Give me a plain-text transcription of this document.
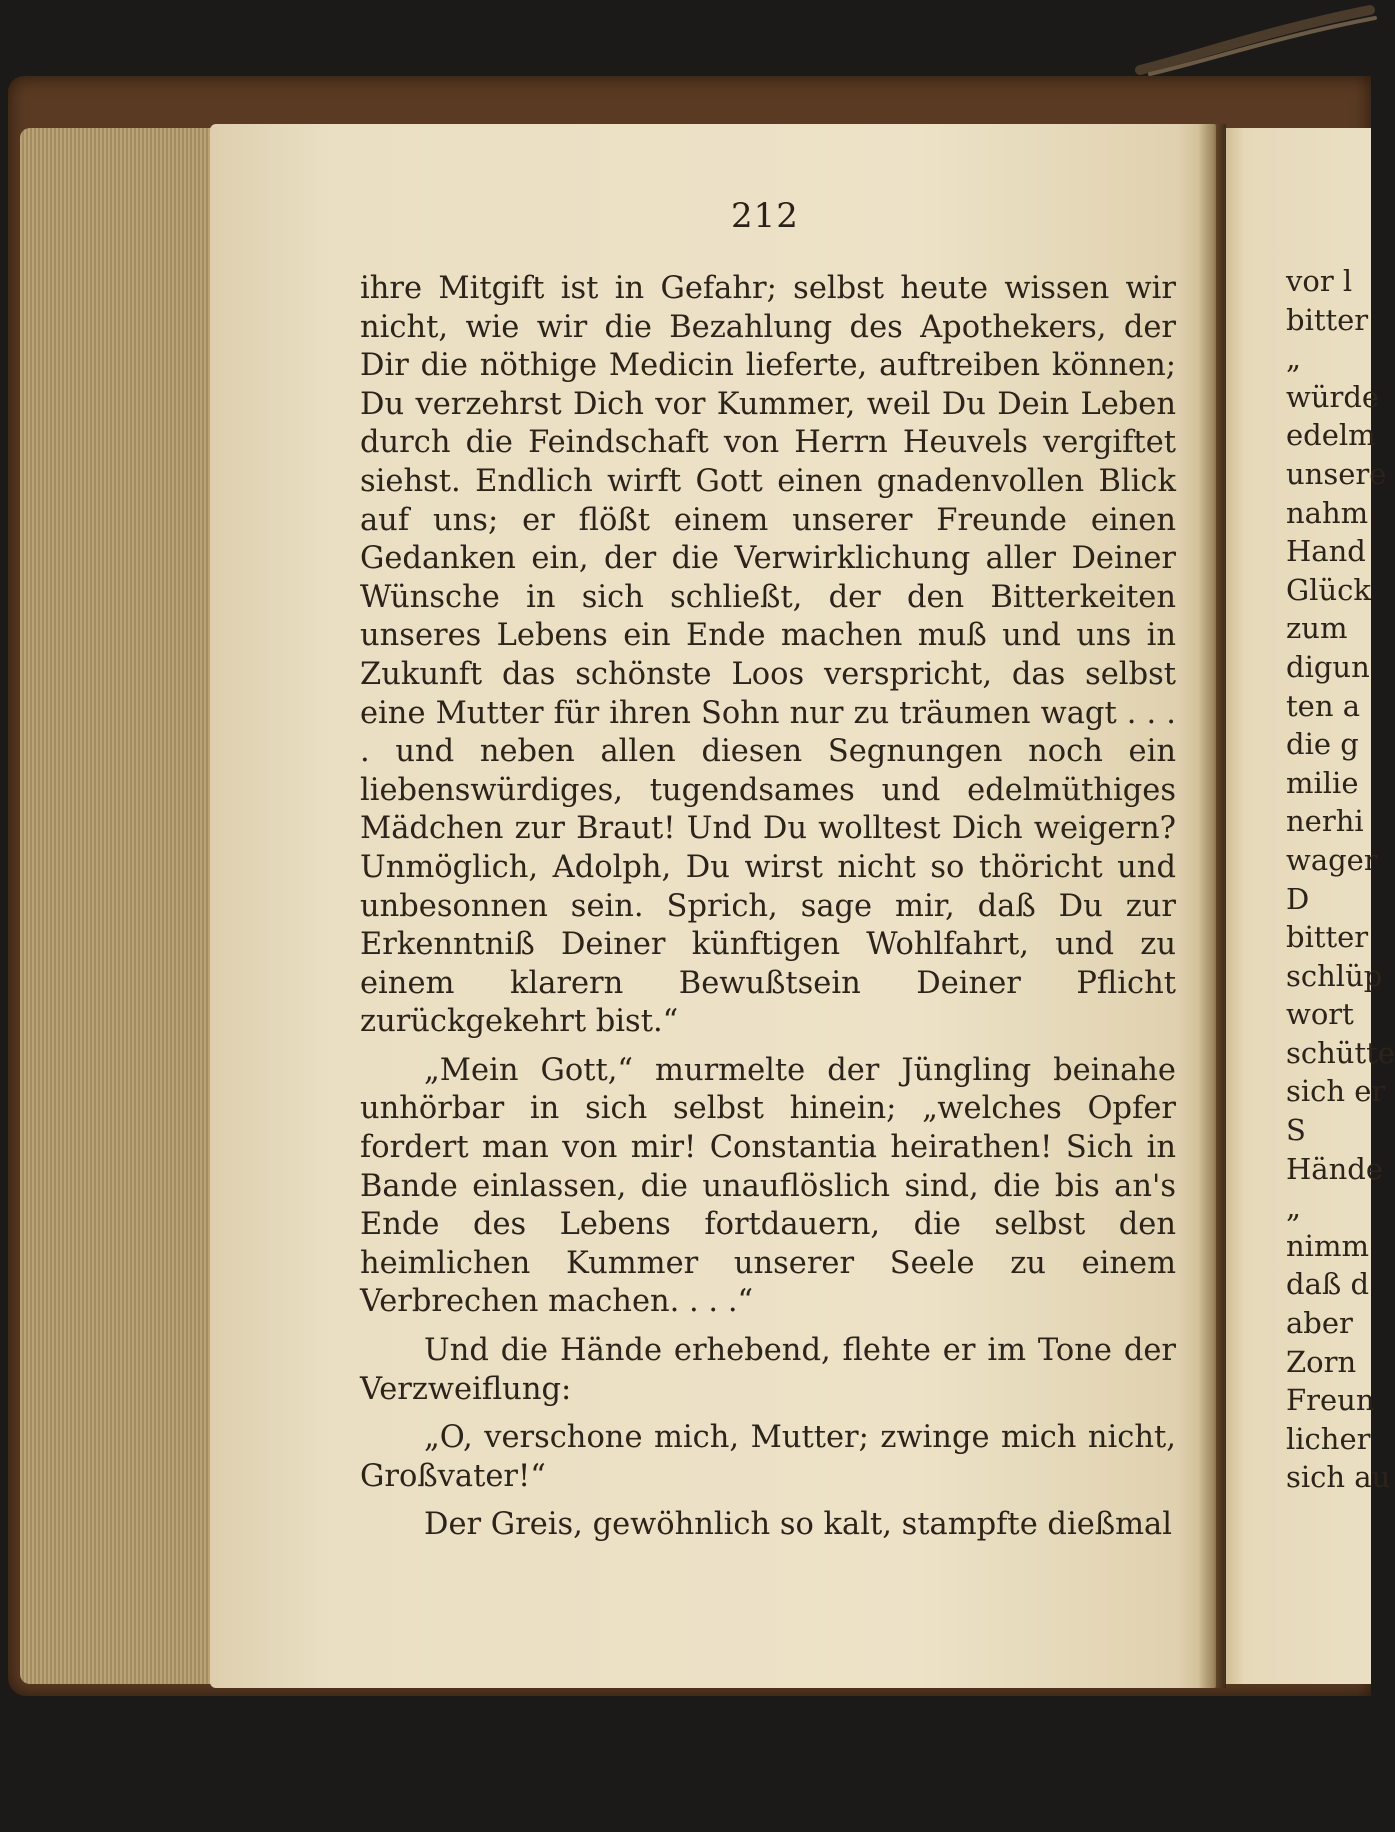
212

ihre Mitgift ist in Gefahr; selbst heute wissen wir nicht, wie wir die Bezahlung des Apothekers, der Dir die nöthige Medicin lieferte, auftreiben können; Du verzehrst Dich vor Kummer, weil Du Dein Leben durch die Feindschaft von Herrn Heuvels vergiftet siehst. Endlich wirft Gott einen gnadenvollen Blick auf uns; er flößt einem unserer Freunde einen Gedanken ein, der die Verwirklichung aller Deiner Wünsche in sich schließt, der den Bitterkeiten unseres Lebens ein Ende machen muß und uns in Zukunft das schönste Loos verspricht, das selbst eine Mutter für ihren Sohn nur zu träumen wagt . . . . und neben allen diesen Segnungen noch ein liebenswürdiges, tugendsames und edelmüthiges Mädchen zur Braut! Und Du wolltest Dich weigern? Unmöglich, Adolph, Du wirst nicht so thöricht und unbesonnen sein. Sprich, sage mir, daß Du zur Erkenntniß Deiner künftigen Wohlfahrt, und zu einem klarern Bewußtsein Deiner Pflicht zurückgekehrt bist.“

„Mein Gott,“ murmelte der Jüngling beinahe unhörbar in sich selbst hinein; „welches Opfer fordert man von mir! Constantia heirathen! Sich in Bande einlassen, die unauflöslich sind, die bis an's Ende des Lebens fortdauern, die selbst den heimlichen Kummer unserer Seele zu einem Verbrechen machen. . . .“

Und die Hände erhebend, flehte er im Tone der Verzweiflung:

„O, verschone mich, Mutter; zwinge mich nicht, Großvater!“

Der Greis, gewöhnlich so kalt, stampfte dießmal

vor l
bitter
„
würde
edelm
unsere
nahm
Hand
Glück
zum
digun
ten a
die g
milie
nerhi
wager
D
bitter
schlüp
wort
schütte
sich er
S
Hände
„
nimm
daß d
aber
Zorn
Freun
licher
sich au
